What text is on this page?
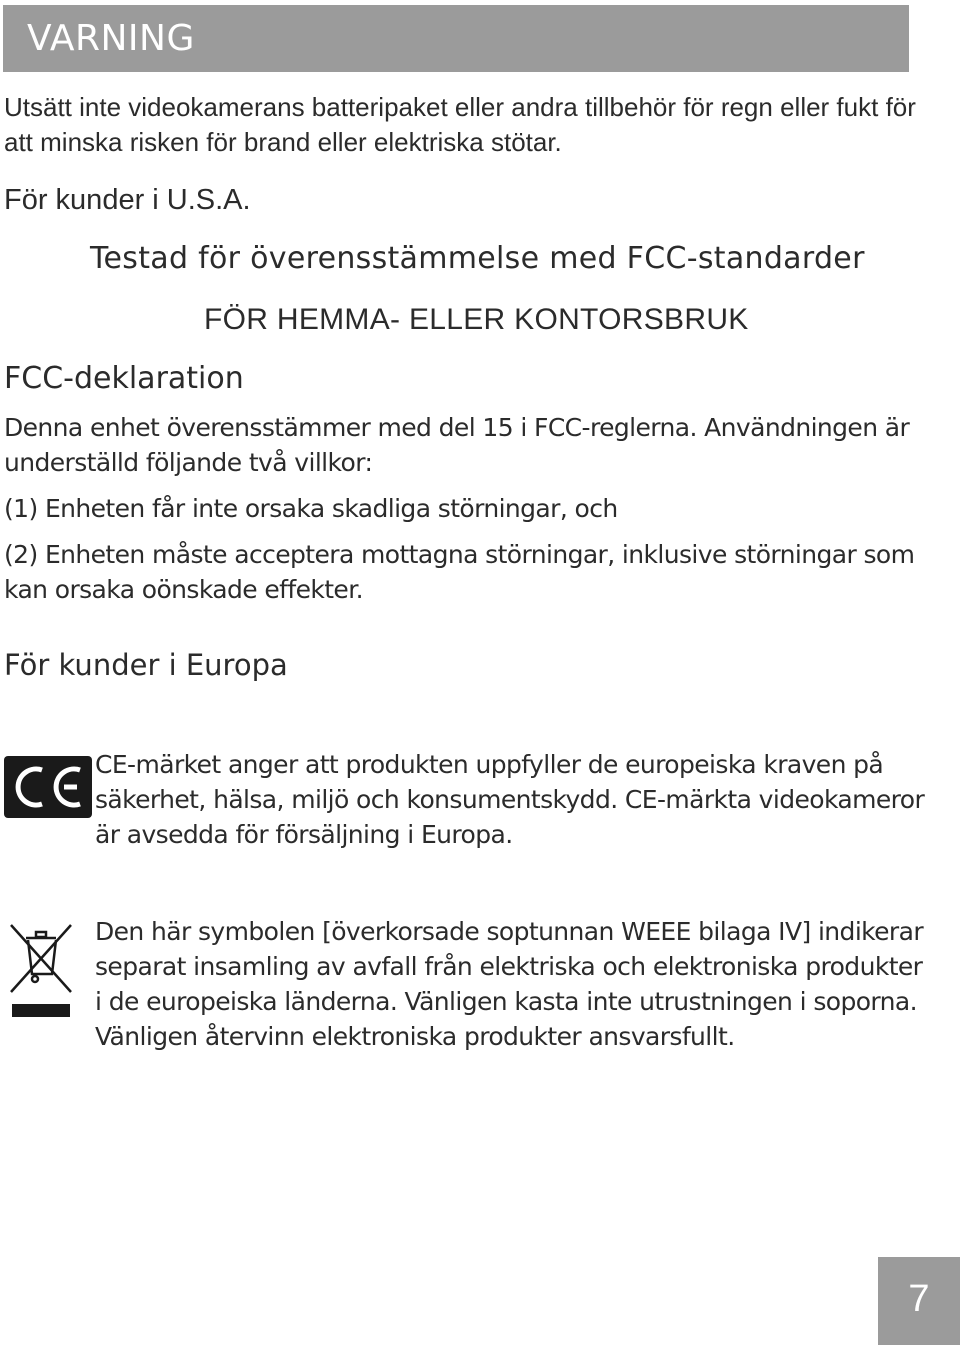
VARNING
Utsätt inte videokamerans batteripaket eller andra tillbehör för regn eller fukt för att minska risken för brand eller elektriska stötar.
För kunder i U.S.A.
Testad för överensstämmelse med FCC-standarder
FÖR HEMMA- ELLER KONTORSBRUK
FCC-deklaration
Denna enhet överensstämmer med del 15 i FCC-reglerna. Användningen är underställd följande två villkor:
(1) Enheten får inte orsaka skadliga störningar, och
(2) Enheten måste acceptera mottagna störningar, inklusive störningar som kan orsaka oönskade effekter.
För kunder i Europa
CE-märket anger att produkten uppfyller de europeiska kraven på säkerhet, hälsa, miljö och konsumentskydd. CE-märkta videokameror är avsedda för försäljning i Europa.
Den här symbolen [överkorsade soptunnan WEEE bilaga IV] indikerar separat insamling av avfall från elektriska och elektroniska produkter i de europeiska länderna. Vänligen kasta inte utrustningen i soporna. Vänligen återvinn elektroniska produkter ansvarsfullt.
7
